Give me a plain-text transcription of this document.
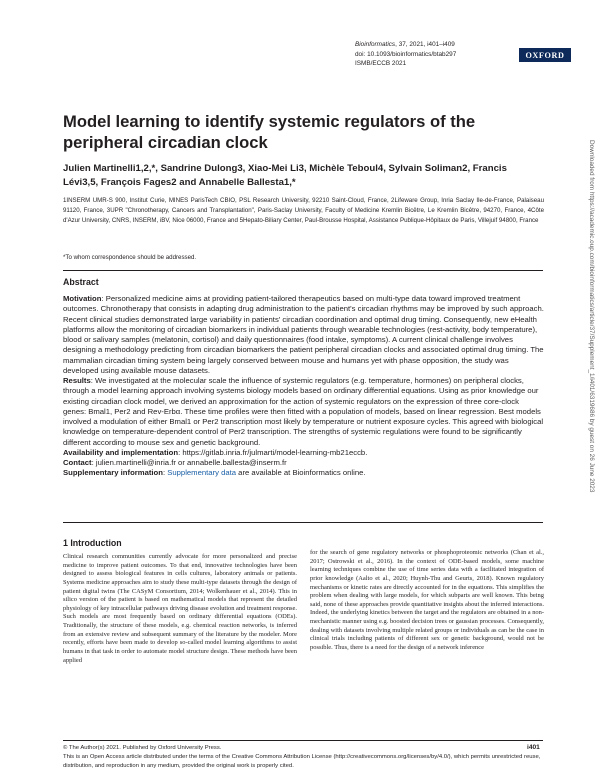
Bioinformatics, 37, 2021, i401–i409
doi: 10.1093/bioinformatics/btab297
ISMB/ECCB 2021
OXFORD
Model learning to identify systemic regulators of the peripheral circadian clock
Julien Martinelli1,2,*, Sandrine Dulong3, Xiao-Mei Li3, Michèle Teboul4, Sylvain Soliman2, Francis Lévi3,5, François Fages2 and Annabelle Ballesta1,*
1INSERM UMR-S 900, Institut Curie, MINES ParisTech CBIO, PSL Research University, 92210 Saint-Cloud, France, 2Lifeware Group, Inria Saclay Ile-de-France, Palaiseau 91120, France, 3UPR "Chronotherapy, Cancers and Transplantation", Paris-Saclay University, Faculty of Medicine Kremlin Bicêtre, Le Kremlin Bicêtre, 94270, France, 4Côte d'Azur University, CNRS, INSERM, iBV, Nice 06000, France and 5Hepato-Biliary Center, Paul-Brousse Hospital, Assistance Publique-Hôpitaux de Paris, Villejuif 94800, France
*To whom correspondence should be addressed.
Abstract

Motivation: Personalized medicine aims at providing patient-tailored therapeutics based on multi-type data toward improved treatment outcomes. Chronotherapy that consists in adapting drug administration to the patient's circadian rhythms may be improved by such approach. Recent clinical studies demonstrated large variability in patients' circadian coordination and optimal drug timing. Consequently, new eHealth platforms allow the monitoring of circadian biomarkers in individual patients through wearable technologies (rest-activity, body temperature), blood or salivary samples (melatonin, cortisol) and daily questionnaires (food intake, symptoms). A current clinical challenge involves designing a methodology predicting from circadian biomarkers the patient peripheral circadian clocks and associated optimal drug timing. The mammalian circadian timing system being largely conserved between mouse and humans yet with phase opposition, the study was developed using available mouse datasets.

Results: We investigated at the molecular scale the influence of systemic regulators (e.g. temperature, hormones) on peripheral clocks, through a model learning approach involving systems biology models based on ordinary differential equations. Using as prior knowledge our existing circadian clock model, we derived an approximation for the action of systemic regulators on the expression of three core-clock genes: Bmal1, Per2 and Rev-Erbα. These time profiles were then fitted with a population of models, based on linear regression. Best models involved a modulation of either Bmal1 or Per2 transcription most likely by temperature or nutrient exposure cycles. This agreed with biological knowledge on temperature-dependent control of Per2 transcription. The strengths of systemic regulations were found to be significantly different according to mouse sex and genetic background.

Availability and implementation: https://gitlab.inria.fr/julmarti/model-learning-mb21eccb.

Contact: julien.martinelli@inria.fr or annabelle.ballesta@inserm.fr

Supplementary information: Supplementary data are available at Bioinformatics online.

1 Introduction

Clinical research communities currently advocate for more personalized and precise medicine to improve patient outcomes. To that end, innovative technologies have been designed to assess biological features in cells cultures, laboratory animals or patients. Systems medicine approaches aim to study these multi-type datasets through the design of patient digital twins (The CASyM Consortium, 2014; Wolkenhauer et al., 2014). This in silico version of the patient is based on mathematical models that represent the detailed physiology of key intracellular pathways driving disease evolution and treatment response. Such models are most frequently based on ordinary differential equations (ODEs). Traditionally, the structure of these models, e.g. chemical reaction networks, is inferred from an extensive review and subsequent summary of the literature by the modeler. More recently, efforts have been made to develop so-called model learning algorithms to assist humans in that task in order to automate model structure design. These methods have been applied

for the search of gene regulatory networks or phosphoproteomic networks (Chan et al., 2017; Ostrowski et al., 2016). In the context of ODE-based models, some machine learning techniques combine the use of time series data with a facilitated integration of prior knowledge (Aalto et al., 2020; Huynh-Thu and Geurts, 2018). Known regulatory mechanisms or kinetic rates are directly accounted for in the equations. This simplifies the problem when dealing with large models, for which subparts are well known. This being said, none of these approaches provide quantitative insights about the inferred interactions. Indeed, the underlying kinetics between the target and the regulators are obtained in a non-mechanistic manner using e.g. boosted decision trees or gaussian processes. Consequently, dealing with datasets involving multiple related groups or individuals as can be the case in clinical trials including patients of different sex or genetic background, would not be possible. Thus, there is a need for the design of a network inference

Downloaded from https://academic.oup.com/bioinformatics/article/37/Supplement_1/i401/6319686 by guest on 26 June 2023
© The Author(s) 2021. Published by Oxford University Press.
This is an Open Access article distributed under the terms of the Creative Commons Attribution License (http://creativecommons.org/licenses/by/4.0/), which permits unrestricted reuse, distribution, and reproduction in any medium, provided the original work is properly cited.
i401
